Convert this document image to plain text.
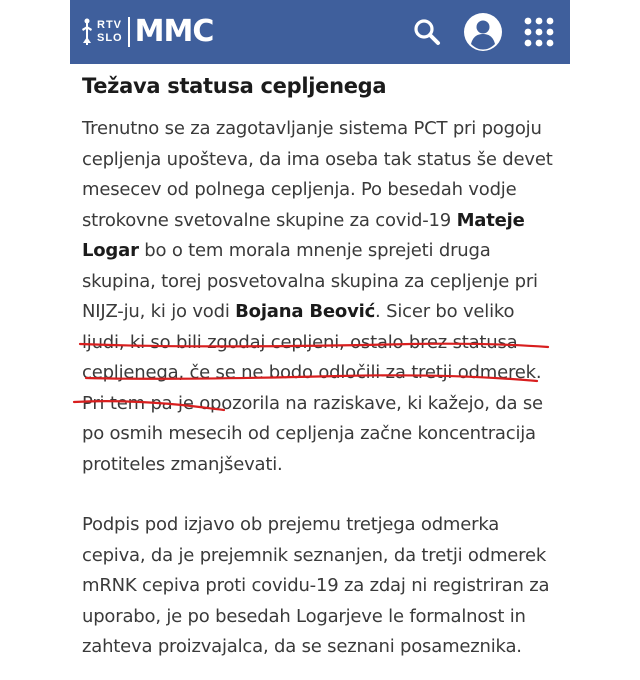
RTV
SLO MMC
Težava statusa cepljenega

Trenutno se za zagotavljanje sistema PCT pri pogoju cepljenja upošteva, da ima oseba tak status še devet mesecev od polnega cepljenja. Po besedah vodje strokovne svetovalne skupine za covid-19 Mateje Logar bo o tem morala mnenje sprejeti druga skupina, torej posvetovalna skupina za cepljenje pri NIJZ-ju, ki jo vodi Bojana Beović. Sicer bo veliko ljudi, ki so bili zgodaj cepljeni, ostalo brez statusa cepljenega, če se ne bodo odločili za tretji odmerek. Pri tem pa je opozorila na raziskave, ki kažejo, da se po osmih mesecih od cepljenja začne koncentracija protiteles zmanjševati.

Podpis pod izjavo ob prejemu tretjega odmerka cepiva, da je prejemnik seznanjen, da tretji odmerek mRNK cepiva proti covidu-19 za zdaj ni registriran za uporabo, je po besedah Logarjeve le formalnost in zahteva proizvajalca, da se seznani posameznika.
